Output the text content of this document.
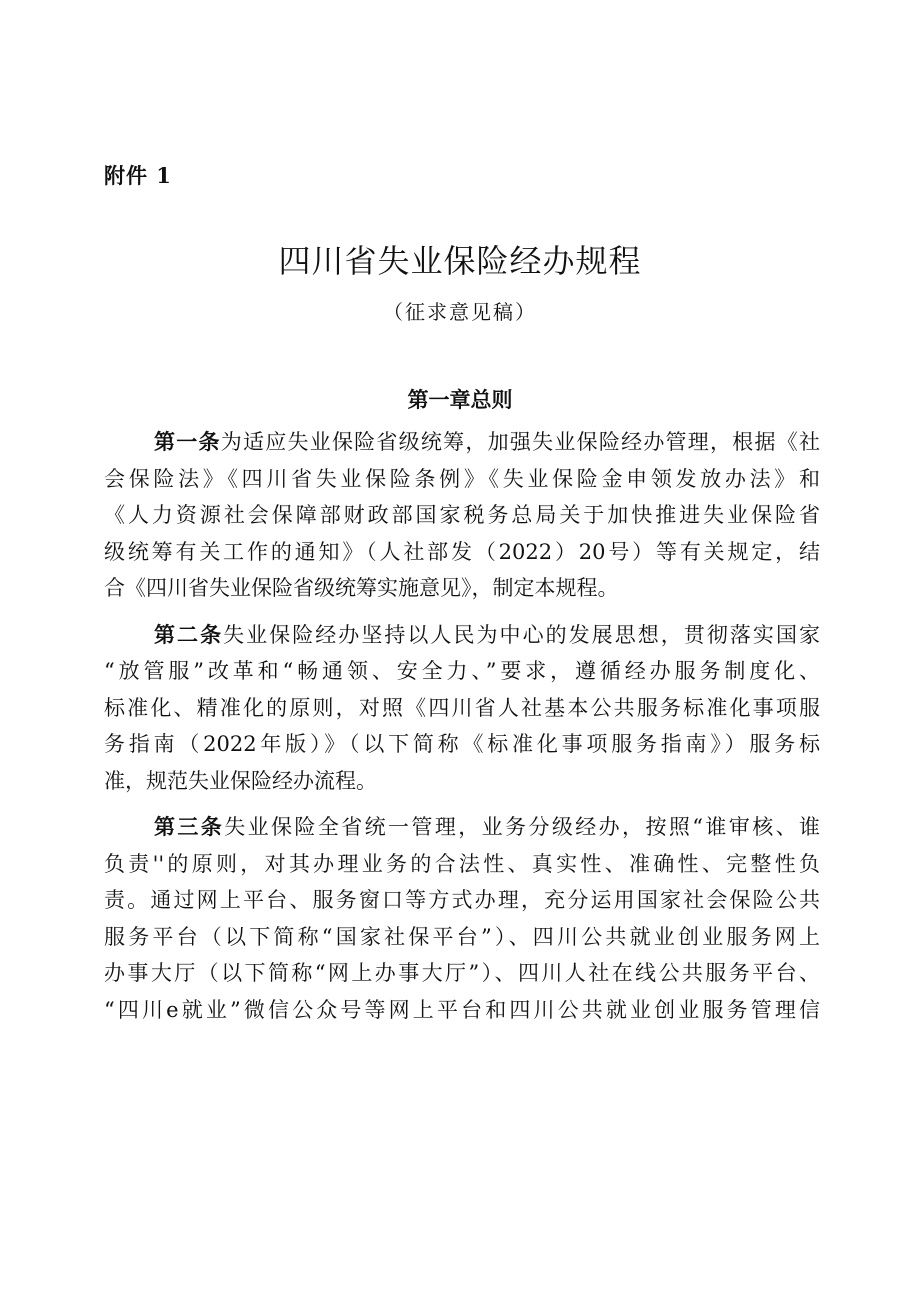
附件 1
四川省失业保险经办规程
（征求意见稿）
第一章总则
第一条为适应失业保险省级统筹，加强失业保险经办管理，根据《社
会保险法》《四川省失业保险条例》《失业保险金申领发放办法》和
《人力资源社会保障部财政部国家税务总局关于加快推进失业保险省
级统筹有关工作的通知》（人社部发（2022）20号）等有关规定，结
合《四川省失业保险省级统筹实施意见》，制定本规程。
第二条失业保险经办坚持以人民为中心的发展思想，贯彻落实国家
“放管服”改革和“畅通领、安全力、”要求，遵循经办服务制度化、
标准化、精准化的原则，对照《四川省人社基本公共服务标准化事项服
务指南（2022年版）》（以下简称《标准化事项服务指南》）服务标
准，规范失业保险经办流程。
第三条失业保险全省统一管理，业务分级经办，按照“谁审核、谁
负责''的原则，对其办理业务的合法性、真实性、准确性、完整性负
责。通过网上平台、服务窗口等方式办理，充分运用国家社会保险公共
服务平台（以下简称“国家社保平台”）、四川公共就业创业服务网上
办事大厅（以下简称“网上办事大厅”）、四川人社在线公共服务平台、
“四川e就业”微信公众号等网上平台和四川公共就业创业服务管理信
